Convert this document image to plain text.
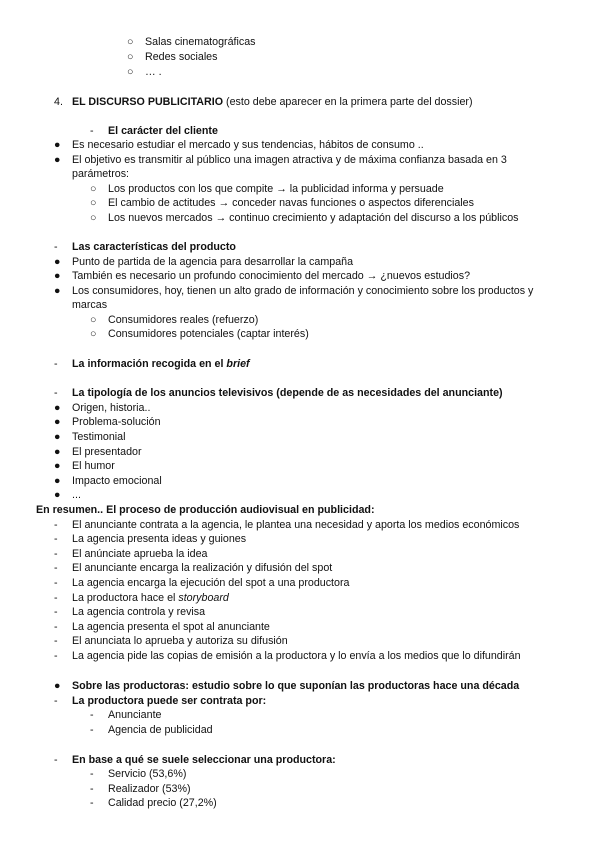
○ Salas cinematográficas
○ Redes sociales
○ … .
4. EL DISCURSO PUBLICITARIO (esto debe aparecer en la primera parte del dossier)
- El carácter del cliente
● Es necesario estudiar el mercado y sus tendencias, hábitos de consumo ..
● El objetivo es transmitir al público una imagen atractiva y de máxima confianza basada en 3
parámetros:
○ Los productos con los que compite → la publicidad informa y persuade
○ El cambio de actitudes → conceder navas funciones o aspectos diferenciales
○ Los nuevos mercados → continuo crecimiento y adaptación del discurso a los públicos
- Las características del producto
● Punto de partida de la agencia para desarrollar la campaña
● También es necesario un profundo conocimiento del mercado → ¿nuevos estudios?
● Los consumidores, hoy, tienen un alto grado de información y conocimiento sobre los productos y
marcas
○ Consumidores reales (refuerzo)
○ Consumidores potenciales (captar interés)
- La información recogida en el brief
- La tipología de los anuncios televisivos (depende de as necesidades del anunciante)
● Origen, historia..
● Problema-solución
● Testimonial
● El presentador
● El humor
● Impacto emocional
● ...
En resumen.. El proceso de producción audiovisual en publicidad:
- El anunciante contrata a la agencia, le plantea una necesidad y aporta los medios económicos
- La agencia presenta ideas y guiones
- El anúnciate aprueba la idea
- El anunciante encarga la realización y difusión del spot
- La agencia encarga la ejecución del spot a una productora
- La productora hace el storyboard
- La agencia controla y revisa
- La agencia presenta el spot al anunciante
- El anunciata lo aprueba y autoriza su difusión
- La agencia pide las copias de emisión a la productora y lo envía a los medios que lo difundirán
● Sobre las productoras: estudio sobre lo que suponían las productoras hace una década
- La productora puede ser contrata por:
- Anunciante
- Agencia de publicidad
- En base a qué se suele seleccionar una productora:
- Servicio (53,6%)
- Realizador (53%)
- Calidad precio (27,2%)
